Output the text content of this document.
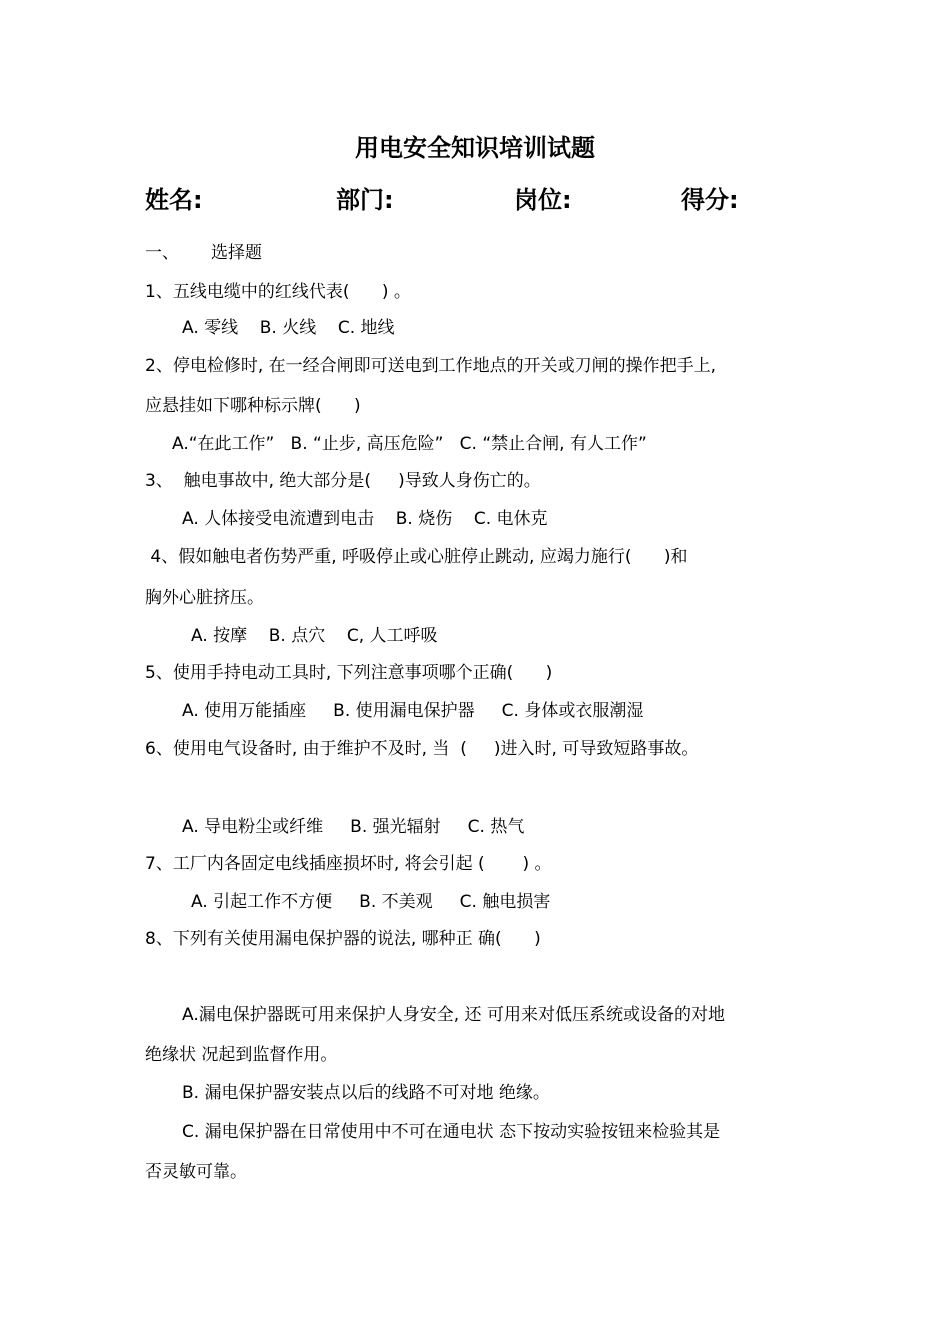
用电安全知识培训试题
姓名:	部门:	岗位:	得分:
一、 选择题
1、五线电缆中的红线代表(      ) 。
A. 零线    B. 火线    C. 地线
2、停电检修时, 在一经合闸即可送电到工作地点的开关或刀闸的操作把手上,
应悬挂如下哪种标示牌(      )
A.“在此工作”   B. “止步, 高压危险”   C. “禁止合闸, 有人工作”
3、  触电事故中, 绝大部分是(     )导致人身伤亡的。
A. 人体接受电流遭到电击    B. 烧伤    C. 电休克
4、假如触电者伤势严重, 呼吸停止或心脏停止跳动, 应竭力施行(      )和
胸外心脏挤压。
A. 按摩    B. 点穴    C, 人工呼吸
5、使用手持电动工具时, 下列注意事项哪个正确(      )
A. 使用万能插座     B. 使用漏电保护器     C. 身体或衣服潮湿
6、使用电气设备时, 由于维护不及时, 当  (     )进入时, 可导致短路事故。
A. 导电粉尘或纤维     B. 强光辐射     C. 热气
7、工厂内各固定电线插座损坏时, 将会引起 (       ) 。
A. 引起工作不方便     B. 不美观     C. 触电损害
8、下列有关使用漏电保护器的说法, 哪种正 确(      )
A.漏电保护器既可用来保护人身安全, 还 可用来对低压系统或设备的对地
绝缘状 况起到监督作用。
B. 漏电保护器安装点以后的线路不可对地 绝缘。
C. 漏电保护器在日常使用中不可在通电状 态下按动实验按钮来检验其是
否灵敏可靠。
